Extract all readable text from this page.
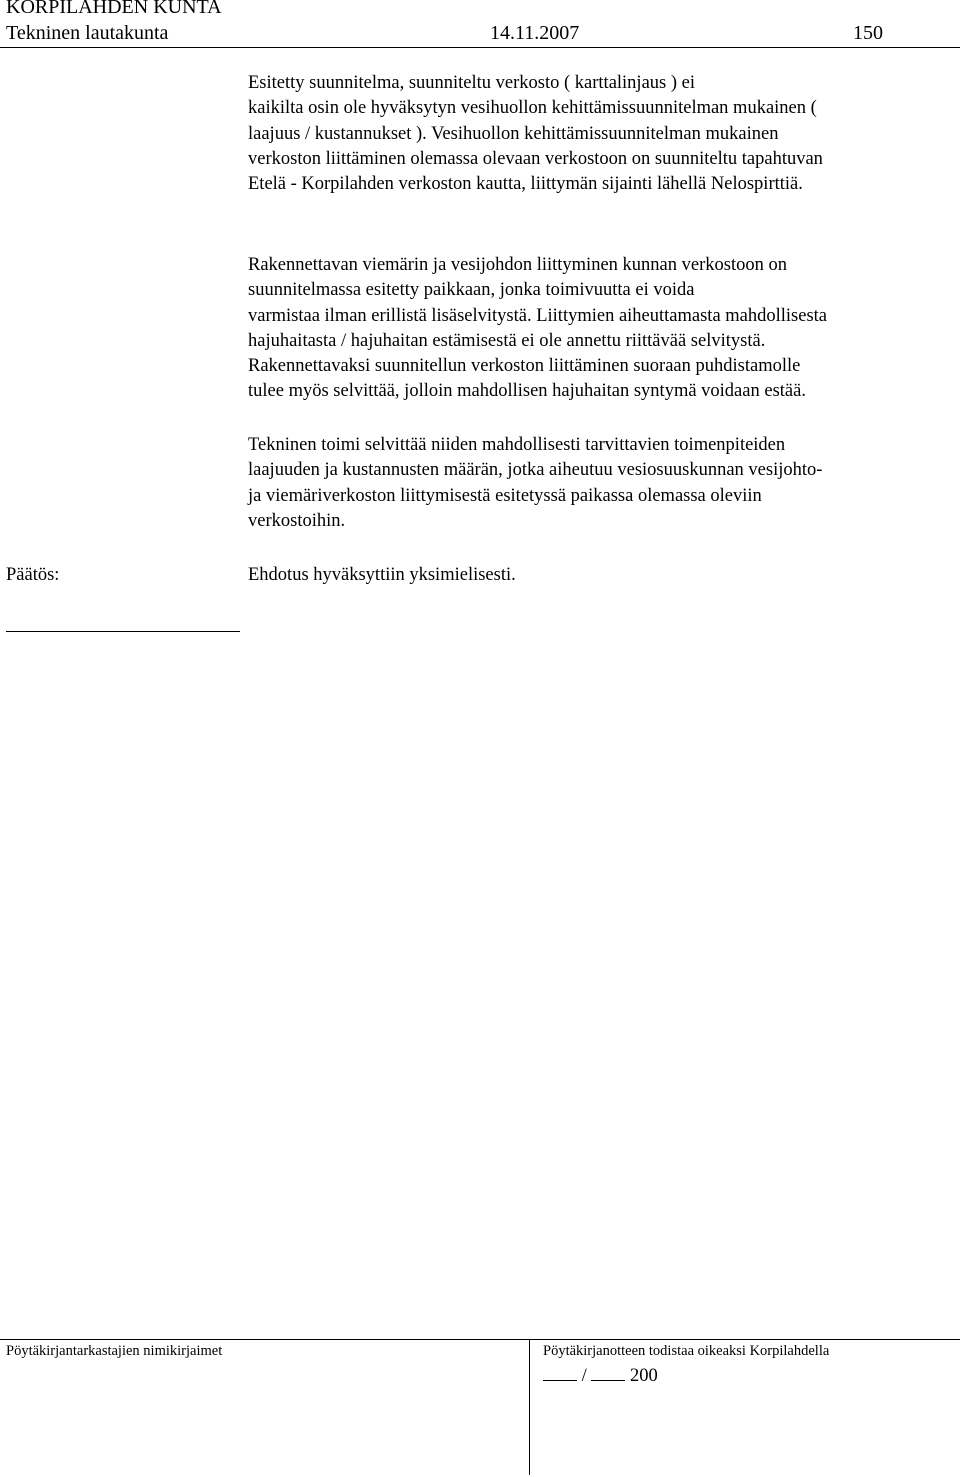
KORPILAHDEN KUNTA
Tekninen lautakunta	14.11.2007	150
Esitetty suunnitelma, suunniteltu verkosto ( karttalinjaus ) ei
kaikilta osin ole hyväksytyn vesihuollon kehittämissuunnitelman mukainen (
laajuus / kustannukset ). Vesihuollon kehittämissuunnitelman mukainen
verkoston liittäminen olemassa olevaan verkostoon on suunniteltu tapahtuvan
Etelä - Korpilahden verkoston kautta, liittymän sijainti lähellä Nelospirttiä.
Rakennettavan viemärin ja vesijohdon liittyminen kunnan verkostoon on
suunnitelmassa esitetty paikkaan, jonka toimivuutta ei voida
varmistaa ilman erillistä lisäselvitystä. Liittymien aiheuttamasta mahdollisesta
hajuhaitasta / hajuhaitan estämisestä ei ole annettu riittävää selvitystä.
Rakennettavaksi suunnitellun verkoston liittäminen suoraan puhdistamolle
tulee myös selvittää, jolloin mahdollisen hajuhaitan syntymä voidaan estää.
Tekninen toimi selvittää niiden mahdollisesti tarvittavien toimenpiteiden
laajuuden ja kustannusten määrän, jotka aiheutuu vesiosuuskunnan vesijohto-
ja viemäriverkoston liittymisestä esitetyssä paikassa olemassa oleviin
verkostoihin.
Päätös:	Ehdotus hyväksyttiin yksimielisesti.
Pöytäkirjantarkastajien nimikirjaimet	Pöytäkirjanotteen todistaa oikeaksi Korpilahdella
/ 200
